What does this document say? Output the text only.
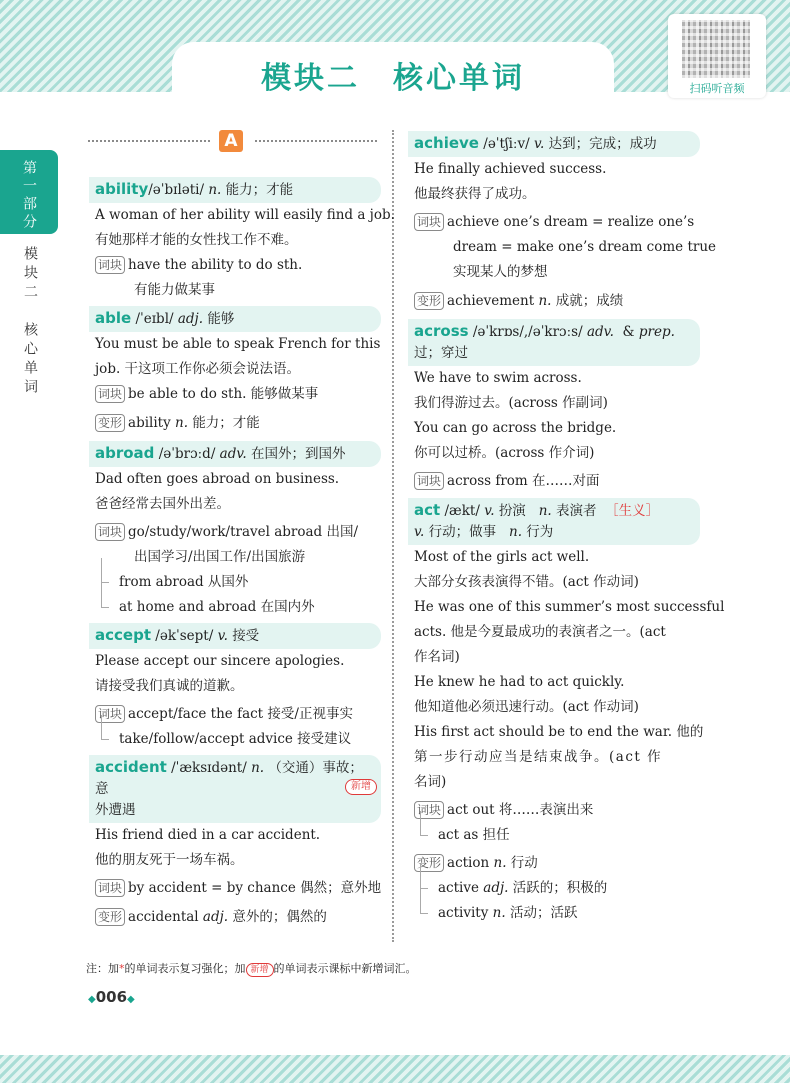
模块二　核心单词	扫码听音频
第一部分
模块二　核心单词
A
ability/əˈbɪləti/ n. 能力；才能
A woman of her ability will easily find a job.
有她那样才能的女性找工作不难。
词块 have the ability to do sth.
有能力做某事
able /ˈeɪbl/ adj. 能够
You must be able to speak French for this
job. 干这项工作你必须会说法语。
词块 be able to do sth. 能够做某事
变形 ability n. 能力；才能
abroad /əˈbrɔːd/ adv. 在国外；到国外
Dad often goes abroad on business.
爸爸经常去国外出差。
词块 go/study/work/travel abroad 出国/
出国学习/出国工作/出国旅游
from abroad 从国外
at home and abroad 在国内外
accept /əkˈsept/ v. 接受
Please accept our sincere apologies.
请接受我们真诚的道歉。
词块 accept/face the fact 接受/正视事实
take/follow/accept advice 接受建议
accident /ˈæksɪdənt/ n. （交通）事故；意
外遭遇
新增
His friend died in a car accident.
他的朋友死于一场车祸。
词块 by accident = by chance 偶然；意外地
变形 accidental adj. 意外的；偶然的
achieve /əˈtʃiːv/ v. 达到；完成；成功
He finally achieved success.
他最终获得了成功。
词块 achieve one’s dream = realize one’s
dream = make one’s dream come true
实现某人的梦想
变形 achievement n. 成就；成绩
across /əˈkrɒs/,/əˈkrɔːs/ adv. & prep.
过；穿过
We have to swim across.
我们得游过去。(across 作副词)
You can go across the bridge.
你可以过桥。(across 作介词)
词块 across from 在……对面
act /ækt/ v. 扮演 n. 表演者 ［生义］
v. 行动；做事 n. 行为
Most of the girls act well.
大部分女孩表演得不错。(act 作动词)
He was one of this summer’s most successful
acts. 他是今夏最成功的表演者之一。(act
作名词)
He knew he had to act quickly.
他知道他必须迅速行动。(act 作动词)
His first act should be to end the war. 他的
第一步行动应当是结束战争。(act 作
名词)
词块 act out 将……表演出来
act as 担任
变形 action n. 行动
active adj. 活跃的；积极的
activity n. 活动；活跃
注：加*的单词表示复习强化；加 新增 的单词表示课标中新增词汇。
◆006◆
